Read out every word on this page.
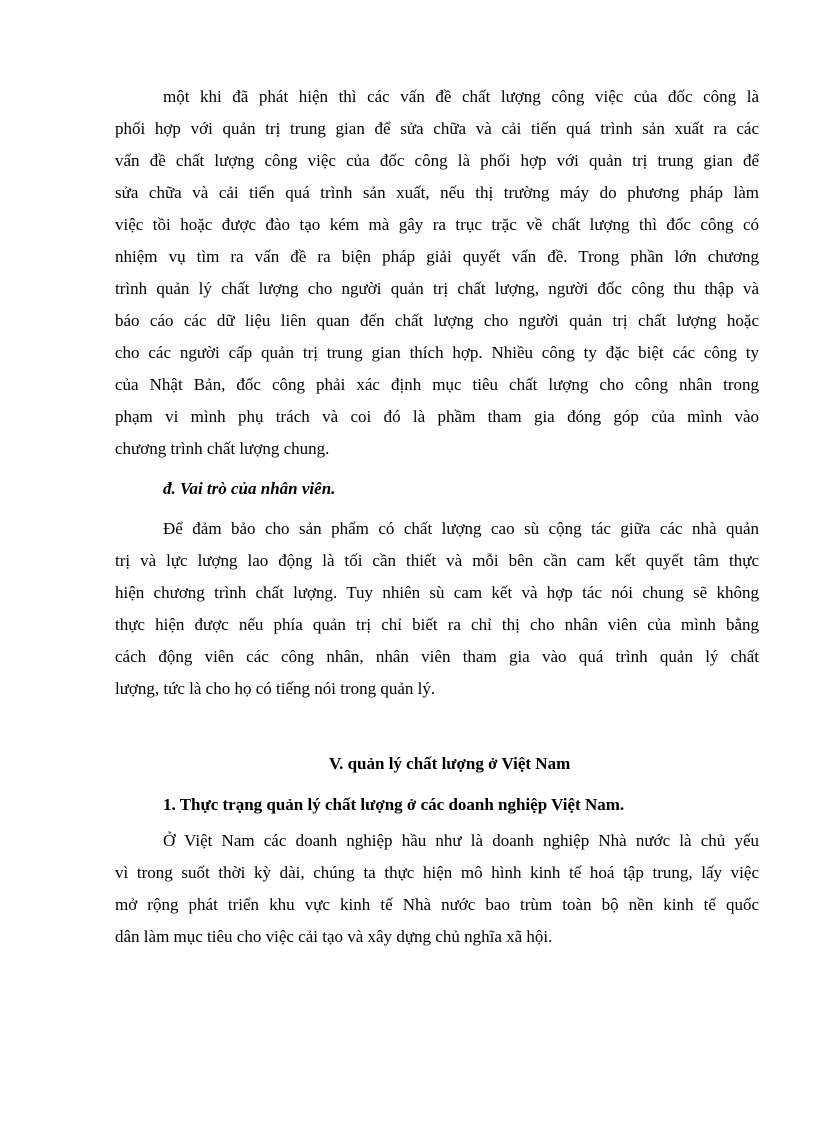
một khi đã phát hiện thì các vấn đề chất lượng công việc của đốc công là
phối hợp với quản trị trung gian để sửa chữa và cải tiến quá trình sản xuất ra các
vấn đề chất lượng công việc của đốc công là phối hợp với quản trị trung gian để
sửa chữa và cải tiến quá trình sản xuất, nếu thị trường máy do phương pháp làm
việc tồi hoặc được đào tạo kém mà gây ra trục trặc về chất lượng thì đốc công có
nhiệm vụ tìm ra vấn đề ra biện pháp giải quyết vấn đề. Trong phần lớn chương
trình quản lý chất lượng cho người quản trị chất lượng, người đốc công thu thập và
báo cáo các dữ liệu liên quan đến chất lượng cho người quản trị chất lượng hoặc
cho các người cấp quản trị trung gian thích hợp. Nhiều công ty đặc biệt các công ty
của Nhật Bản, đốc công phải xác định mục tiêu chất lượng cho công nhân trong
phạm vi mình phụ trách và coi đó là phầm tham gia đóng góp của mình vào
chương trình chất lượng chung.
đ. Vai trò của nhân viên.
Để đảm bảo cho sản phẩm có chất lượng cao sù cộng tác giữa các nhà quản
trị và lực lượng lao động là tối cần thiết và mỗi bên cần cam kết quyết tâm thực
hiện chương trình chất lượng. Tuy nhiên sù cam kết và hợp tác nói chung sẽ không
thực hiện được nếu phía quản trị chỉ biết ra chỉ thị cho nhân viên của mình bằng
cách động viên các công nhân, nhân viên tham gia vào quá trình quản lý chất
lượng, tức là cho họ có tiếng nói trong quản lý.
V. quản lý chất lượng ở Việt Nam
1. Thực trạng quản lý chất lượng ở các doanh nghiệp Việt Nam.
Ở Việt Nam các doanh nghiệp hầu như là doanh nghiệp Nhà nước là chủ yếu
vì trong suốt thời kỳ dài, chúng ta thực hiện mô hình kinh tế hoá tập trung, lấy việc
mở rộng phát triển khu vực kinh tế Nhà nước bao trùm toàn bộ nền kinh tế quốc
dân làm mục tiêu cho việc cải tạo và xây dựng chủ nghĩa xã hội.
